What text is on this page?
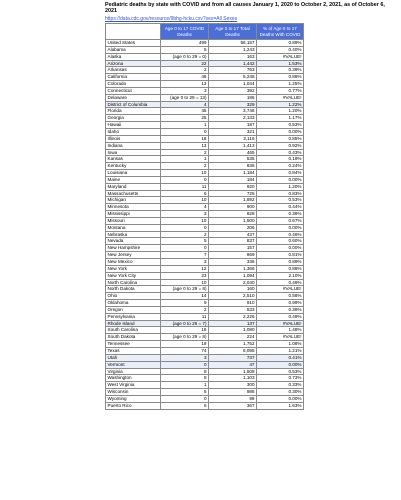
Pediatric deaths by state with COVID and from all causes January 1, 2020 to October 2, 2021, as of October 6, 2021
https://data.cdc.gov/resource/9bhg-hcku.csv?sex=All Sexes
	Age 0 to 17 COVID Deaths	Age 0 to 17 Total Deaths	% of Age 0 to 17 Deaths With COVID
United States	499	56,157	0.89%
Alabama	5	1,243	0.40%
Alaska	(age 0 to 29 = 0)	163	#VALUE!
Arizona	22	1,442	1.53%
Arkansas	2	763	0.39%
California	46	5,248	0.88%
Colorado	13	1,044	1.25%
Connecticut	3	392	0.77%
Delaware	(age 0 to 29 = 13)	186	#VALUE!
District of Columbia	4	329	1.22%
Florida	45	3,746	1.20%
Georgia	25	2,133	1.17%
Hawaii	1	187	0.53%
Idaho	0	321	0.00%
Illinois	18	2,116	0.85%
Indiana	13	1,413	0.92%
Iowa	2	465	0.43%
Kansas	1	535	0.19%
Kentucky	2	836	0.24%
Louisiana	10	1,184	0.84%
Maine	0	184	0.00%
Maryland	11	920	1.20%
Massachusetts	6	725	0.83%
Michigan	10	1,892	0.53%
Minnesota	4	900	0.44%
Mississippi	3	828	0.36%
Missouri	10	1,500	0.67%
Montana	0	206	0.00%
Nebraska	2	437	0.46%
Nevada	5	837	0.60%
New Hampshire	0	157	0.00%
New Jersey	7	869	0.81%
New Mexico	3	336	0.89%
New York	12	1,366	0.88%
New York City	23	1,094	2.10%
North Carolina	10	2,040	0.49%
North Dakota	(age 0 to 29 = 8)	160	#VALUE!
Ohio	14	2,510	0.56%
Oklahoma	9	910	0.99%
Oregon	2	533	0.38%
Pennsylvania	11	2,226	0.49%
Rhode Island	(age 0 to 29 = 7)	137	#VALUE!
South Carolina	16	1,080	1.48%
South Dakota	(age 0 to 29 = 8)	224	#VALUE!
Tennessee	19	1,752	1.08%
Texas	74	6,095	1.21%
Utah	3	737	0.41%
Vermont	0	47	0.00%
Virginia	8	1,508	0.53%
Washington	8	1,103	0.73%
West Virginia	1	300	0.33%
Wisconsin	5	986	0.30%
Wyoming	0	99	0.00%
Puerto Rico	6	367	1.63%
